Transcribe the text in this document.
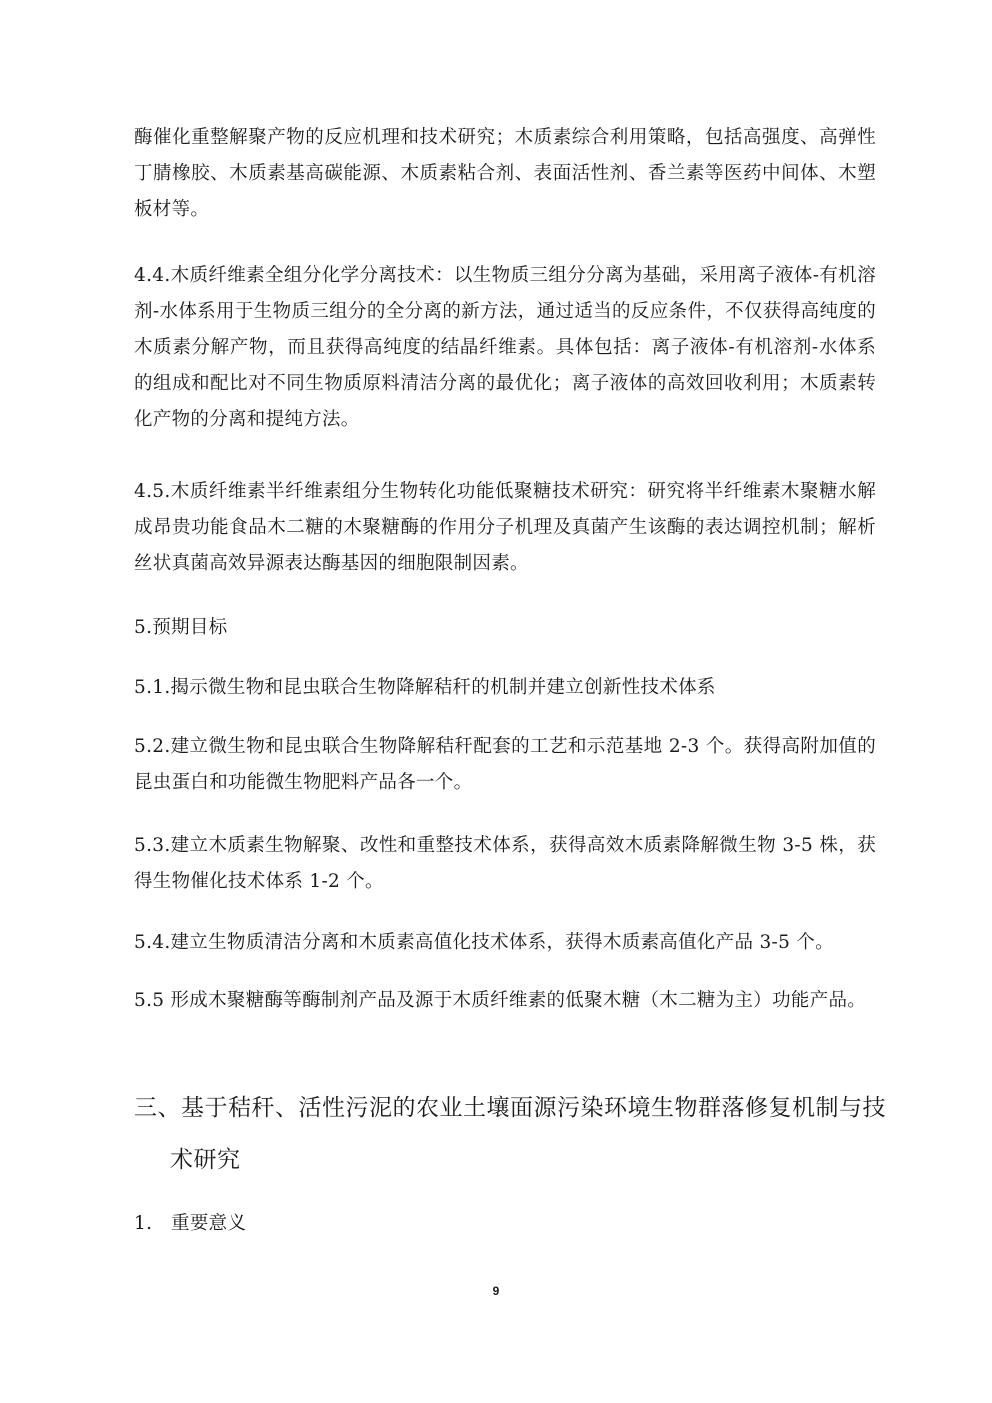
酶催化重整解聚产物的反应机理和技术研究；木质素综合利用策略，包括高强度、高弹性丁腈橡胶、木质素基高碳能源、木质素粘合剂、表面活性剂、香兰素等医药中间体、木塑板材等。

4.4.木质纤维素全组分化学分离技术：以生物质三组分分离为基础，采用离子液体-有机溶剂-水体系用于生物质三组分的全分离的新方法，通过适当的反应条件，不仅获得高纯度的木质素分解产物，而且获得高纯度的结晶纤维素。具体包括：离子液体-有机溶剂-水体系的组成和配比对不同生物质原料清洁分离的最优化；离子液体的高效回收利用；木质素转化产物的分离和提纯方法。

4.5.木质纤维素半纤维素组分生物转化功能低聚糖技术研究：研究将半纤维素木聚糖水解成昂贵功能食品木二糖的木聚糖酶的作用分子机理及真菌产生该酶的表达调控机制；解析丝状真菌高效异源表达酶基因的细胞限制因素。

5.预期目标

5.1.揭示微生物和昆虫联合生物降解秸秆的机制并建立创新性技术体系

5.2.建立微生物和昆虫联合生物降解秸秆配套的工艺和示范基地 2-3 个。获得高附加值的昆虫蛋白和功能微生物肥料产品各一个。

5.3.建立木质素生物解聚、改性和重整技术体系，获得高效木质素降解微生物 3-5 株，获得生物催化技术体系 1-2 个。

5.4.建立生物质清洁分离和木质素高值化技术体系，获得木质素高值化产品 3-5 个。

5.5 形成木聚糖酶等酶制剂产品及源于木质纤维素的低聚木糖（木二糖为主）功能产品。

三、基于秸秆、活性污泥的农业土壤面源污染环境生物群落修复机制与技
术研究

1.　重要意义

9
